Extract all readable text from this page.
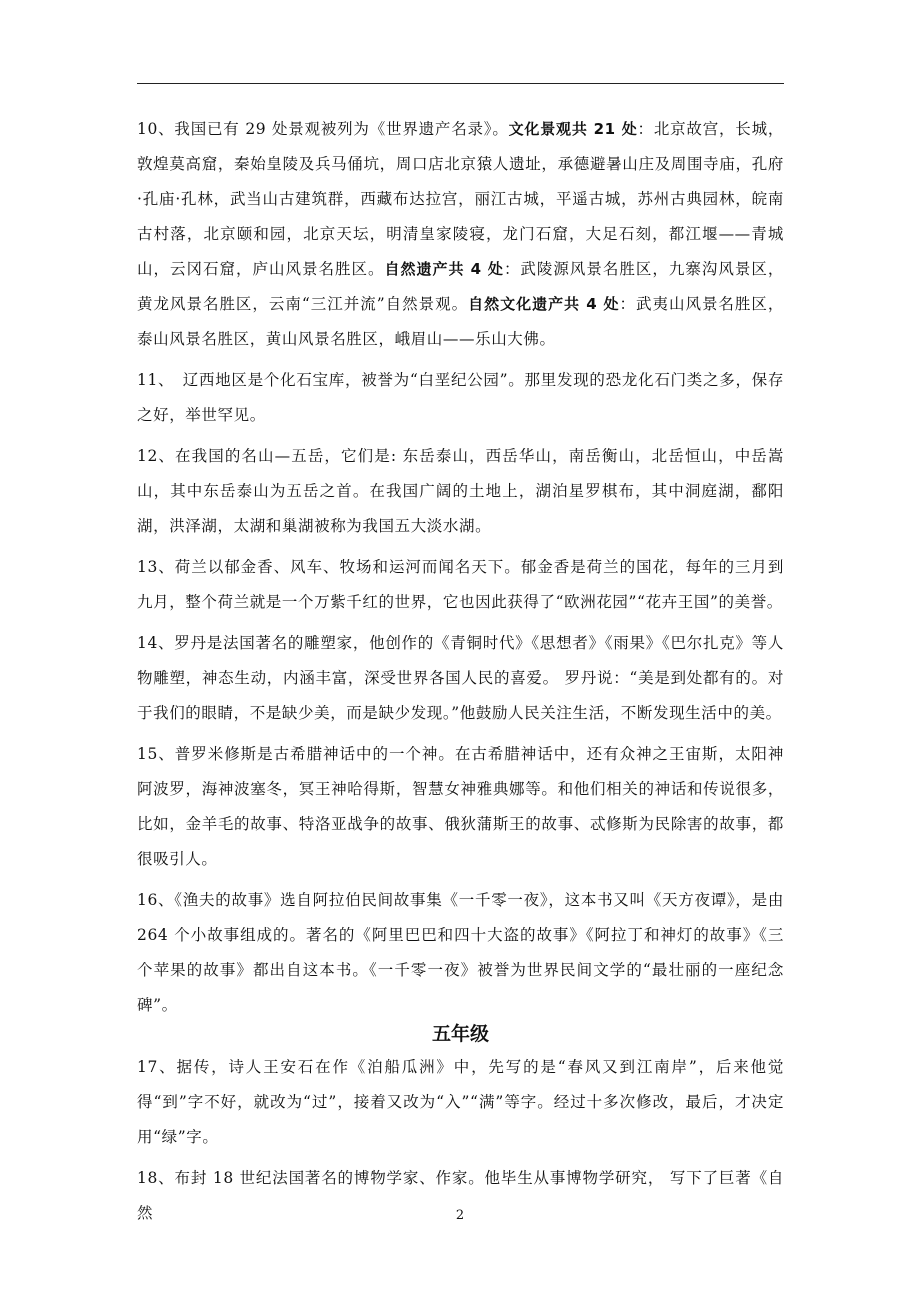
10、我国已有 29 处景观被列为《世界遗产名录》。文化景观共 21 处：北京故宫，长城，敦煌莫高窟，秦始皇陵及兵马俑坑，周口店北京猿人遗址，承德避暑山庄及周围寺庙，孔府·孔庙·孔林，武当山古建筑群，西藏布达拉宫，丽江古城，平遥古城，苏州古典园林，皖南古村落，北京颐和园，北京天坛，明清皇家陵寝，龙门石窟，大足石刻，都江堰——青城山，云冈石窟，庐山风景名胜区。自然遗产共 4 处：武陵源风景名胜区，九寨沟风景区，黄龙风景名胜区，云南“三江并流”自然景观。自然文化遗产共 4 处：武夷山风景名胜区，泰山风景名胜区，黄山风景名胜区，峨眉山——乐山大佛。

11、　辽西地区是个化石宝库，被誉为“白垩纪公园”。那里发现的恐龙化石门类之多，保存之好，举世罕见。

12、在我国的名山—五岳，它们是: 东岳泰山，西岳华山，南岳衡山，北岳恒山，中岳嵩山，其中东岳泰山为五岳之首。在我国广阔的土地上，湖泊星罗棋布，其中洞庭湖，鄱阳湖，洪泽湖，太湖和巢湖被称为我国五大淡水湖。

13、荷兰以郁金香、风车、牧场和运河而闻名天下。郁金香是荷兰的国花，每年的三月到九月，整个荷兰就是一个万紫千红的世界，它也因此获得了“欧洲花园”“花卉王国”的美誉。

14、罗丹是法国著名的雕塑家，他创作的《青铜时代》《思想者》《雨果》《巴尔扎克》等人物雕塑，神态生动，内涵丰富，深受世界各国人民的喜爱。 罗丹说：“美是到处都有的。对于我们的眼睛，不是缺少美，而是缺少发现。”他鼓励人民关注生活，不断发现生活中的美。

15、普罗米修斯是古希腊神话中的一个神。在古希腊神话中，还有众神之王宙斯，太阳神阿波罗，海神波塞冬，冥王神哈得斯，智慧女神雅典娜等。和他们相关的神话和传说很多，比如，金羊毛的故事、特洛亚战争的故事、俄狄蒲斯王的故事、忒修斯为民除害的故事，都很吸引人。

16、《渔夫的故事》选自阿拉伯民间故事集《一千零一夜》，这本书又叫《天方夜谭》，是由 264 个小故事组成的。著名的《阿里巴巴和四十大盗的故事》《阿拉丁和神灯的故事》《三个苹果的故事》都出自这本书。《一千零一夜》被誉为世界民间文学的“最壮丽的一座纪念碑”。

五年级

17、据传，诗人王安石在作《泊船瓜洲》中，先写的是“春风又到江南岸”，后来他觉得“到”字不好，就改为“过”，接着又改为“入”“满”等字。经过十多次修改，最后，才决定用“绿”字。

18、布封 18 世纪法国著名的博物学家、作家。他毕生从事博物学研究， 写下了巨著《自然	2
